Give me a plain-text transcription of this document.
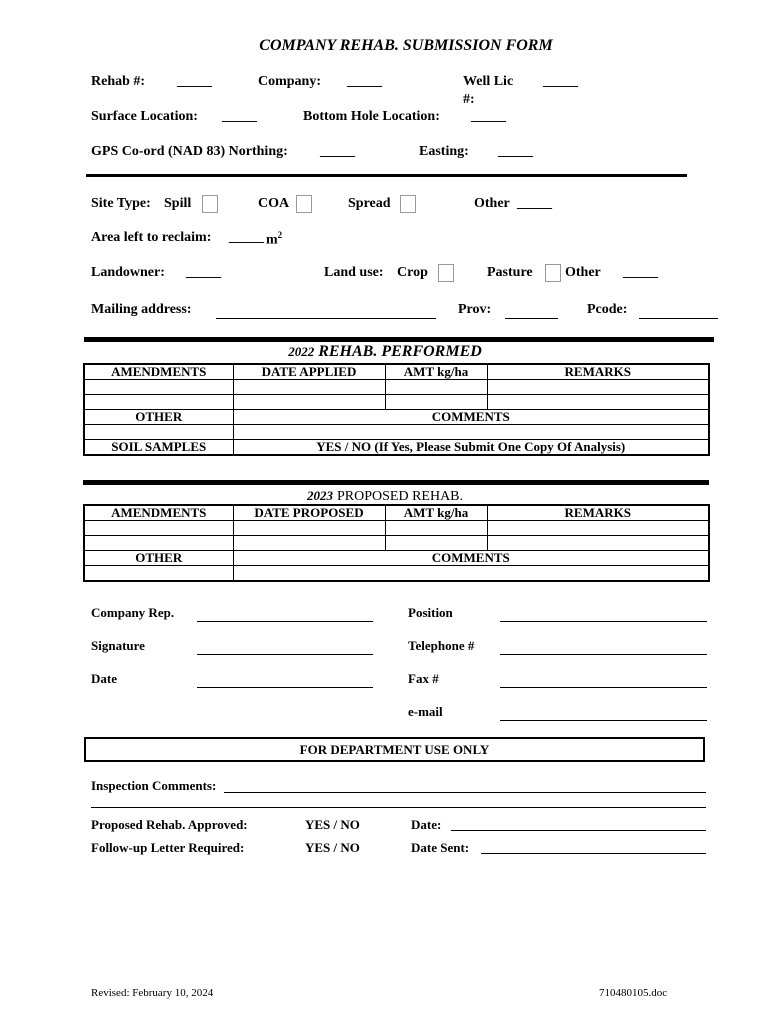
COMPANY REHAB. SUBMISSION FORM
Rehab #: _____	Company: _____	Well Lic
#:
_____
Surface Location: _____	Bottom Hole Location: _____
GPS Co-ord (NAD 83) Northing: _____	Easting: _____
Site Type: Spill	COA	Spread	Other _____
Area left to reclaim: _____ $m^2$
Landowner: _____	Land use: Crop	Pasture Other _____
Mailing address:	Prov:	Pcode:
2022 REHAB. PERFORMED
AMENDMENTS	DATE APPLIED	AMT kg/ha	REMARKS

OTHER	COMMENTS		

SOIL SAMPLES	YES / NO (If Yes, Please Submit One Copy Of Analysis)		
2023 PROPOSED REHAB.
AMENDMENTS	DATE PROPOSED	AMT kg/ha	REMARKS

OTHER	COMMENTS		

Company Rep.	Position
Signature	Telephone #
Date	Fax #
e-mail
FOR DEPARTMENT USE ONLY
Inspection Comments:
Proposed Rehab. Approved:	YES / NO	Date:
Follow-up Letter Required:	YES / NO	Date Sent:
Revised: February 10, 2024	710480105.doc
